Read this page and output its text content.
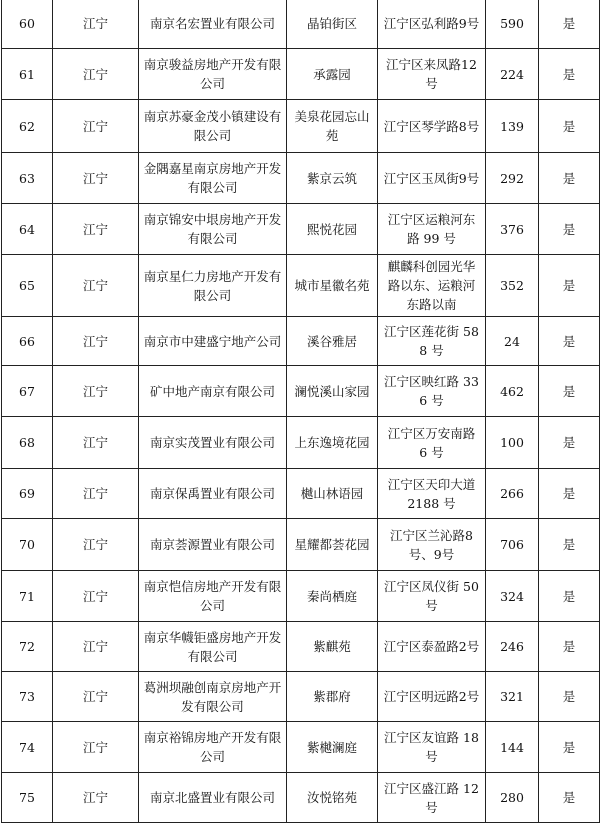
60	江宁	南京名宏置业有限公司	晶铂街区	江宁区弘利路9号	590	是
61	江宁	南京骏益房地产开发有限公司	承露园	江宁区来凤路12号	224	是
62	江宁	南京苏豪金茂小镇建设有限公司	美泉花园忘山苑	江宁区琴学路8号	139	是
63	江宁	金隅嘉星南京房地产开发有限公司	紫京云筑	江宁区玉凤街9号	292	是
64	江宁	南京锦安中垠房地产开发有限公司	熙悦花园	江宁区运粮河东路 99 号	376	是
65	江宁	南京星仁力房地产开发有限公司	城市星徽名苑	麒麟科创园光华路以东、运粮河东路以南	352	是
66	江宁	南京市中建盛宁地产公司	溪谷雅居	江宁区莲花街 588 号	24	是
67	江宁	矿中地产南京有限公司	澜悦溪山家园	江宁区映红路 336 号	462	是
68	江宁	南京实茂置业有限公司	上东逸境花园	江宁区万安南路 6 号	100	是
69	江宁	南京保禹置业有限公司	樾山林语园	江宁区天印大道 2188 号	266	是
70	江宁	南京荟源置业有限公司	星耀都荟花园	江宁区兰沁路8号、9号	706	是
71	江宁	南京恺信房地产开发有限公司	秦尚栖庭	江宁区凤仪街 50 号	324	是
72	江宁	南京华幭钜盛房地产开发有限公司	紫麒苑	江宁区泰盈路2号	246	是
73	江宁	葛洲坝融创南京房地产开发有限公司	紫郡府	江宁区明远路2号	321	是
74	江宁	南京裕锦房地产开发有限公司	紫樾澜庭	江宁区友谊路 18 号	144	是
75	江宁	南京北盛置业有限公司	汝悦铭苑	江宁区盛江路 12 号	280	是
